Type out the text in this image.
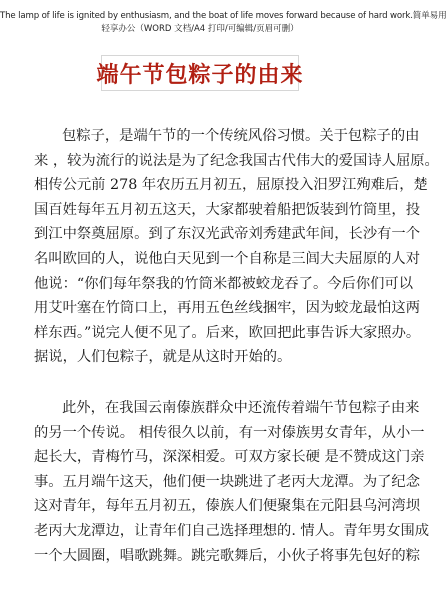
The lamp of life is ignited by enthusiasm, and the boat of life moves forward because of hard work.简单易用
轻享办公（WORD 文档/A4 打印/可编辑/页眉可删）
端午节包粽子的由来
包粽子，是端午节的一个传统风俗习惯。关于包粽子的由
来 ，较为流行的说法是为了纪念我国古代伟大的爱国诗人屈原。
相传公元前 278 年农历五月初五，屈原投入汨罗江殉难后，楚
国百姓每年五月初五这天，大家都驶着船把饭装到竹筒里，投
到江中祭奠屈原。到了东汉光武帝刘秀建武年间，长沙有一个
名叫欧回的人，说他白天见到一个自称是三闾大夫屈原的人对
他说：“你们每年祭我的竹筒米都被蛟龙吞了。今后你们可以
用艾叶塞在竹筒口上，再用五色丝线捆牢，因为蛟龙最怕这两
样东西。”说完人便不见了。后来，欧回把此事告诉大家照办。
据说，人们包粽子，就是从这时开始的。
此外，在我国云南傣族群众中还流传着端午节包粽子由来
的另一个传说。 相传很久以前，有一对傣族男女青年，从小一
起长大，青梅竹马，深深相爱。可双方家长硬 是不赞成这门亲
事。五月端午这天，他们便一块跳进了老丙大龙潭。为了纪念
这对青年，每年五月初五，傣族人们便聚集在元阳县乌河湾坝
老丙大龙潭边，让青年们自己选择理想的. 情人。青年男女围成
一个大圆圈，唱歌跳舞。跳完歌舞后，小伙子将事先包好的粽
